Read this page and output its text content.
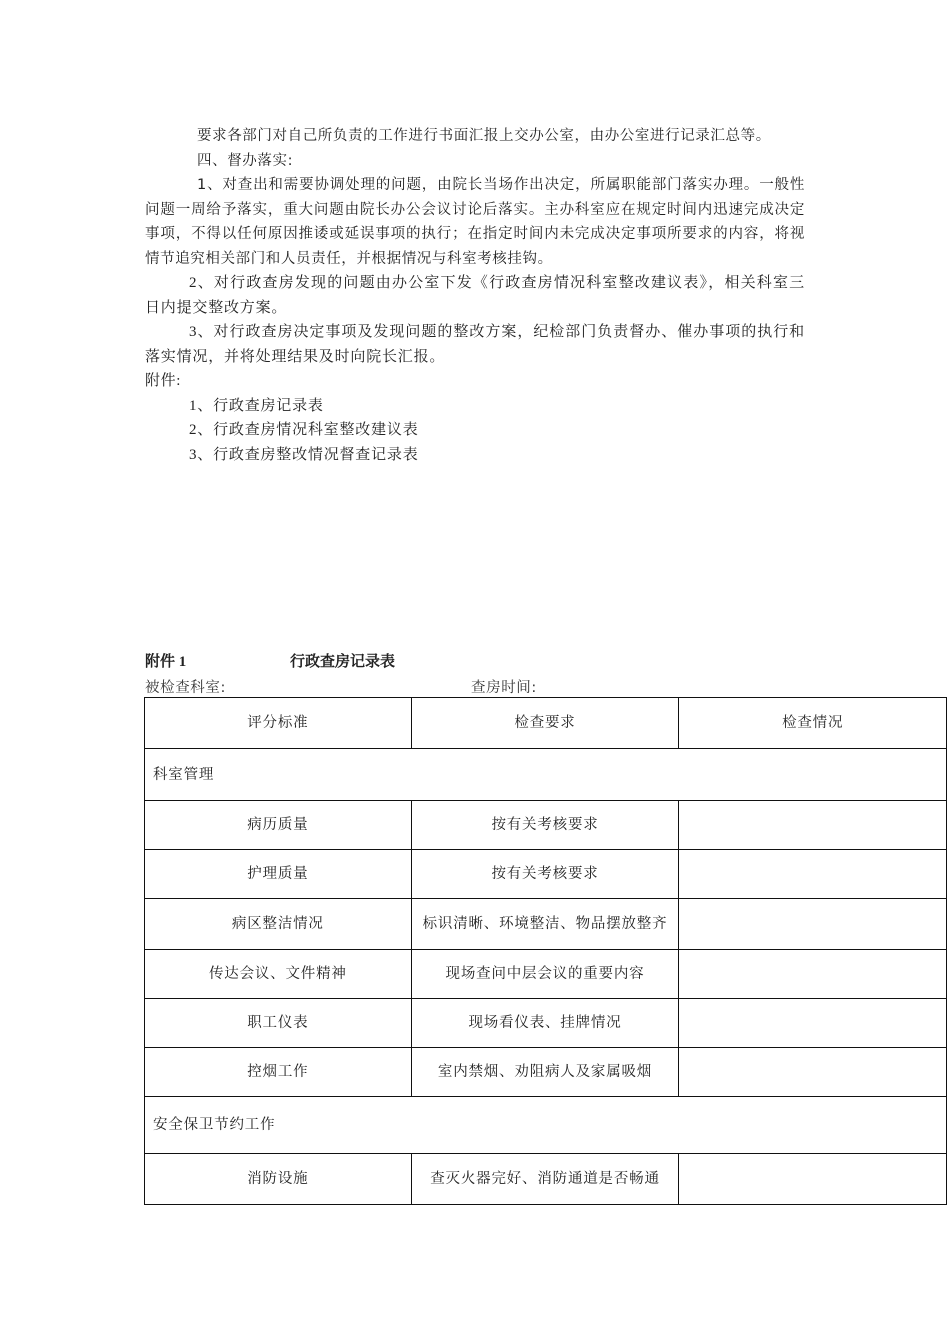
要求各部门对自己所负责的工作进行书面汇报上交办公室，由办公室进行记录汇总等。

四、督办落实:

1、对查出和需要协调处理的问题，由院长当场作出决定，所属职能部门落实办理。一般性问题一周给予落实，重大问题由院长办公会议讨论后落实。主办科室应在规定时间内迅速完成决定事项，不得以任何原因推诿或延误事项的执行；在指定时间内未完成决定事项所要求的内容，将视情节追究相关部门和人员责任，并根据情况与科室考核挂钩。

2、对行政查房发现的问题由办公室下发《行政查房情况科室整改建议表》，相关科室三日内提交整改方案。

3、对行政查房决定事项及发现问题的整改方案，纪检部门负责督办、催办事项的执行和落实情况，并将处理结果及时向院长汇报。

附件:

1、行政查房记录表

2、行政查房情况科室整改建议表

3、行政查房整改情况督查记录表

附件 1	行政查房记录表
被检查科室:	查房时间:
评分标准	检查要求	检查情况
科室管理		
病历质量	按有关考核要求	
护理质量	按有关考核要求	
病区整洁情况	标识清晰、环境整洁、物品摆放整齐	
传达会议、文件精神	现场查问中层会议的重要内容	
职工仪表	现场看仪表、挂牌情况	
控烟工作	室内禁烟、劝阻病人及家属吸烟	
安全保卫节约工作		
消防设施	查灭火器完好、消防通道是否畅通	
